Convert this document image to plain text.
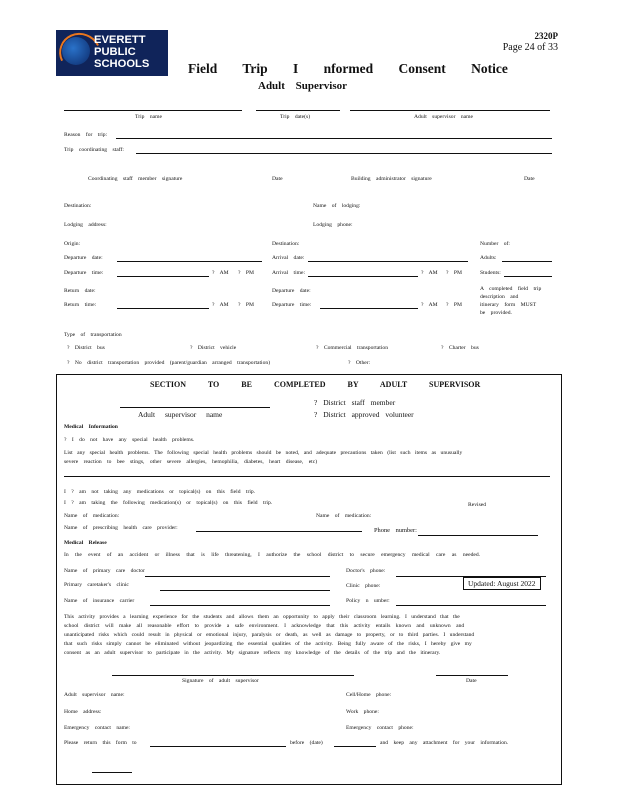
EVERETT
PUBLIC
SCHOOLS
2320P
Page 24 of 33
Field Trip I nformed Consent Notice
Adult Supervisor
Trip name	Trip date(s)	Adult supervisor name
Reason for trip:
Trip coordinating staff:
Coordinating staff member signature	Date	Building administrator signature	Date
Destination:	Name of lodging:
Lodging address:	Lodging phone:
Origin:	Destination:	Number of:
Departure date:	Arrival date:	Adults:
Departure time:	? AM ? PM	Arrival time:	? AM ? PM	Students:
Return date:	Departure date:
Return time:	? AM ? PM	Departure time:	? AM ? PM
A completed field trip
description and
itinerary form MUST
be provided.
Type of transportation
? District bus	? District vehicle	? Commercial transportation	? Charter bus
? No district transportation provided (parent/guardian arranged transportation)	? Other:
SECTION TO BE COMPLETED BY ADULT SUPERVISOR
Adult supervisor name
? District staff member
? District approved volunteer
Medical Information
? I do not have any special health problems.
List any special health problems. The following special health problems should be noted, and adequate precautions taken (list such items as unusually
severe reaction to bee stings, other severe allergies, hemophilia, diabetes, heart disease, etc)
I ? am not taking any medications or topical(s) on this field trip.
I ? am taking the following medication(s) or topical(s) on this field trip.	Revised
Name of medication:	Name of medication:
Name of prescribing health care provider:	Phone number:
Medical Release
In the event of an accident or illness that is life threatening, I authorize the school district to secure emergency medical care as needed.
Name of primary care doctor	Doctor's phone:
Primary caretaker's clinic	Clinic phone:	Updated: August 2022
Name of insurance carrier	Policy n umber:
This activity provides a learning experience for the students and allows them an opportunity to apply their classroom learning. I understand that the
school district will make all reasonable effort to provide a safe environment. I acknowledge that this activity entails known and unknown and
unanticipated risks which could result in physical or emotional injury, paralysis or death, as well as damage to property, or to third parties. I understand
that such risks simply cannot be eliminated without jeopardizing the essential qualities of the activity. Being fully aware of the risks, I hereby give my
consent as an adult supervisor to participate in the activity. My signature reflects my knowledge of the details of the trip and the itinerary.
Signature of adult supervisor	Date
Adult supervisor name:	Cell/Home phone:
Home address:	Work phone:
Emergency contact name:	Emergency contact phone:
Please return this form to	before (date)	and keep any attachment for your information.
